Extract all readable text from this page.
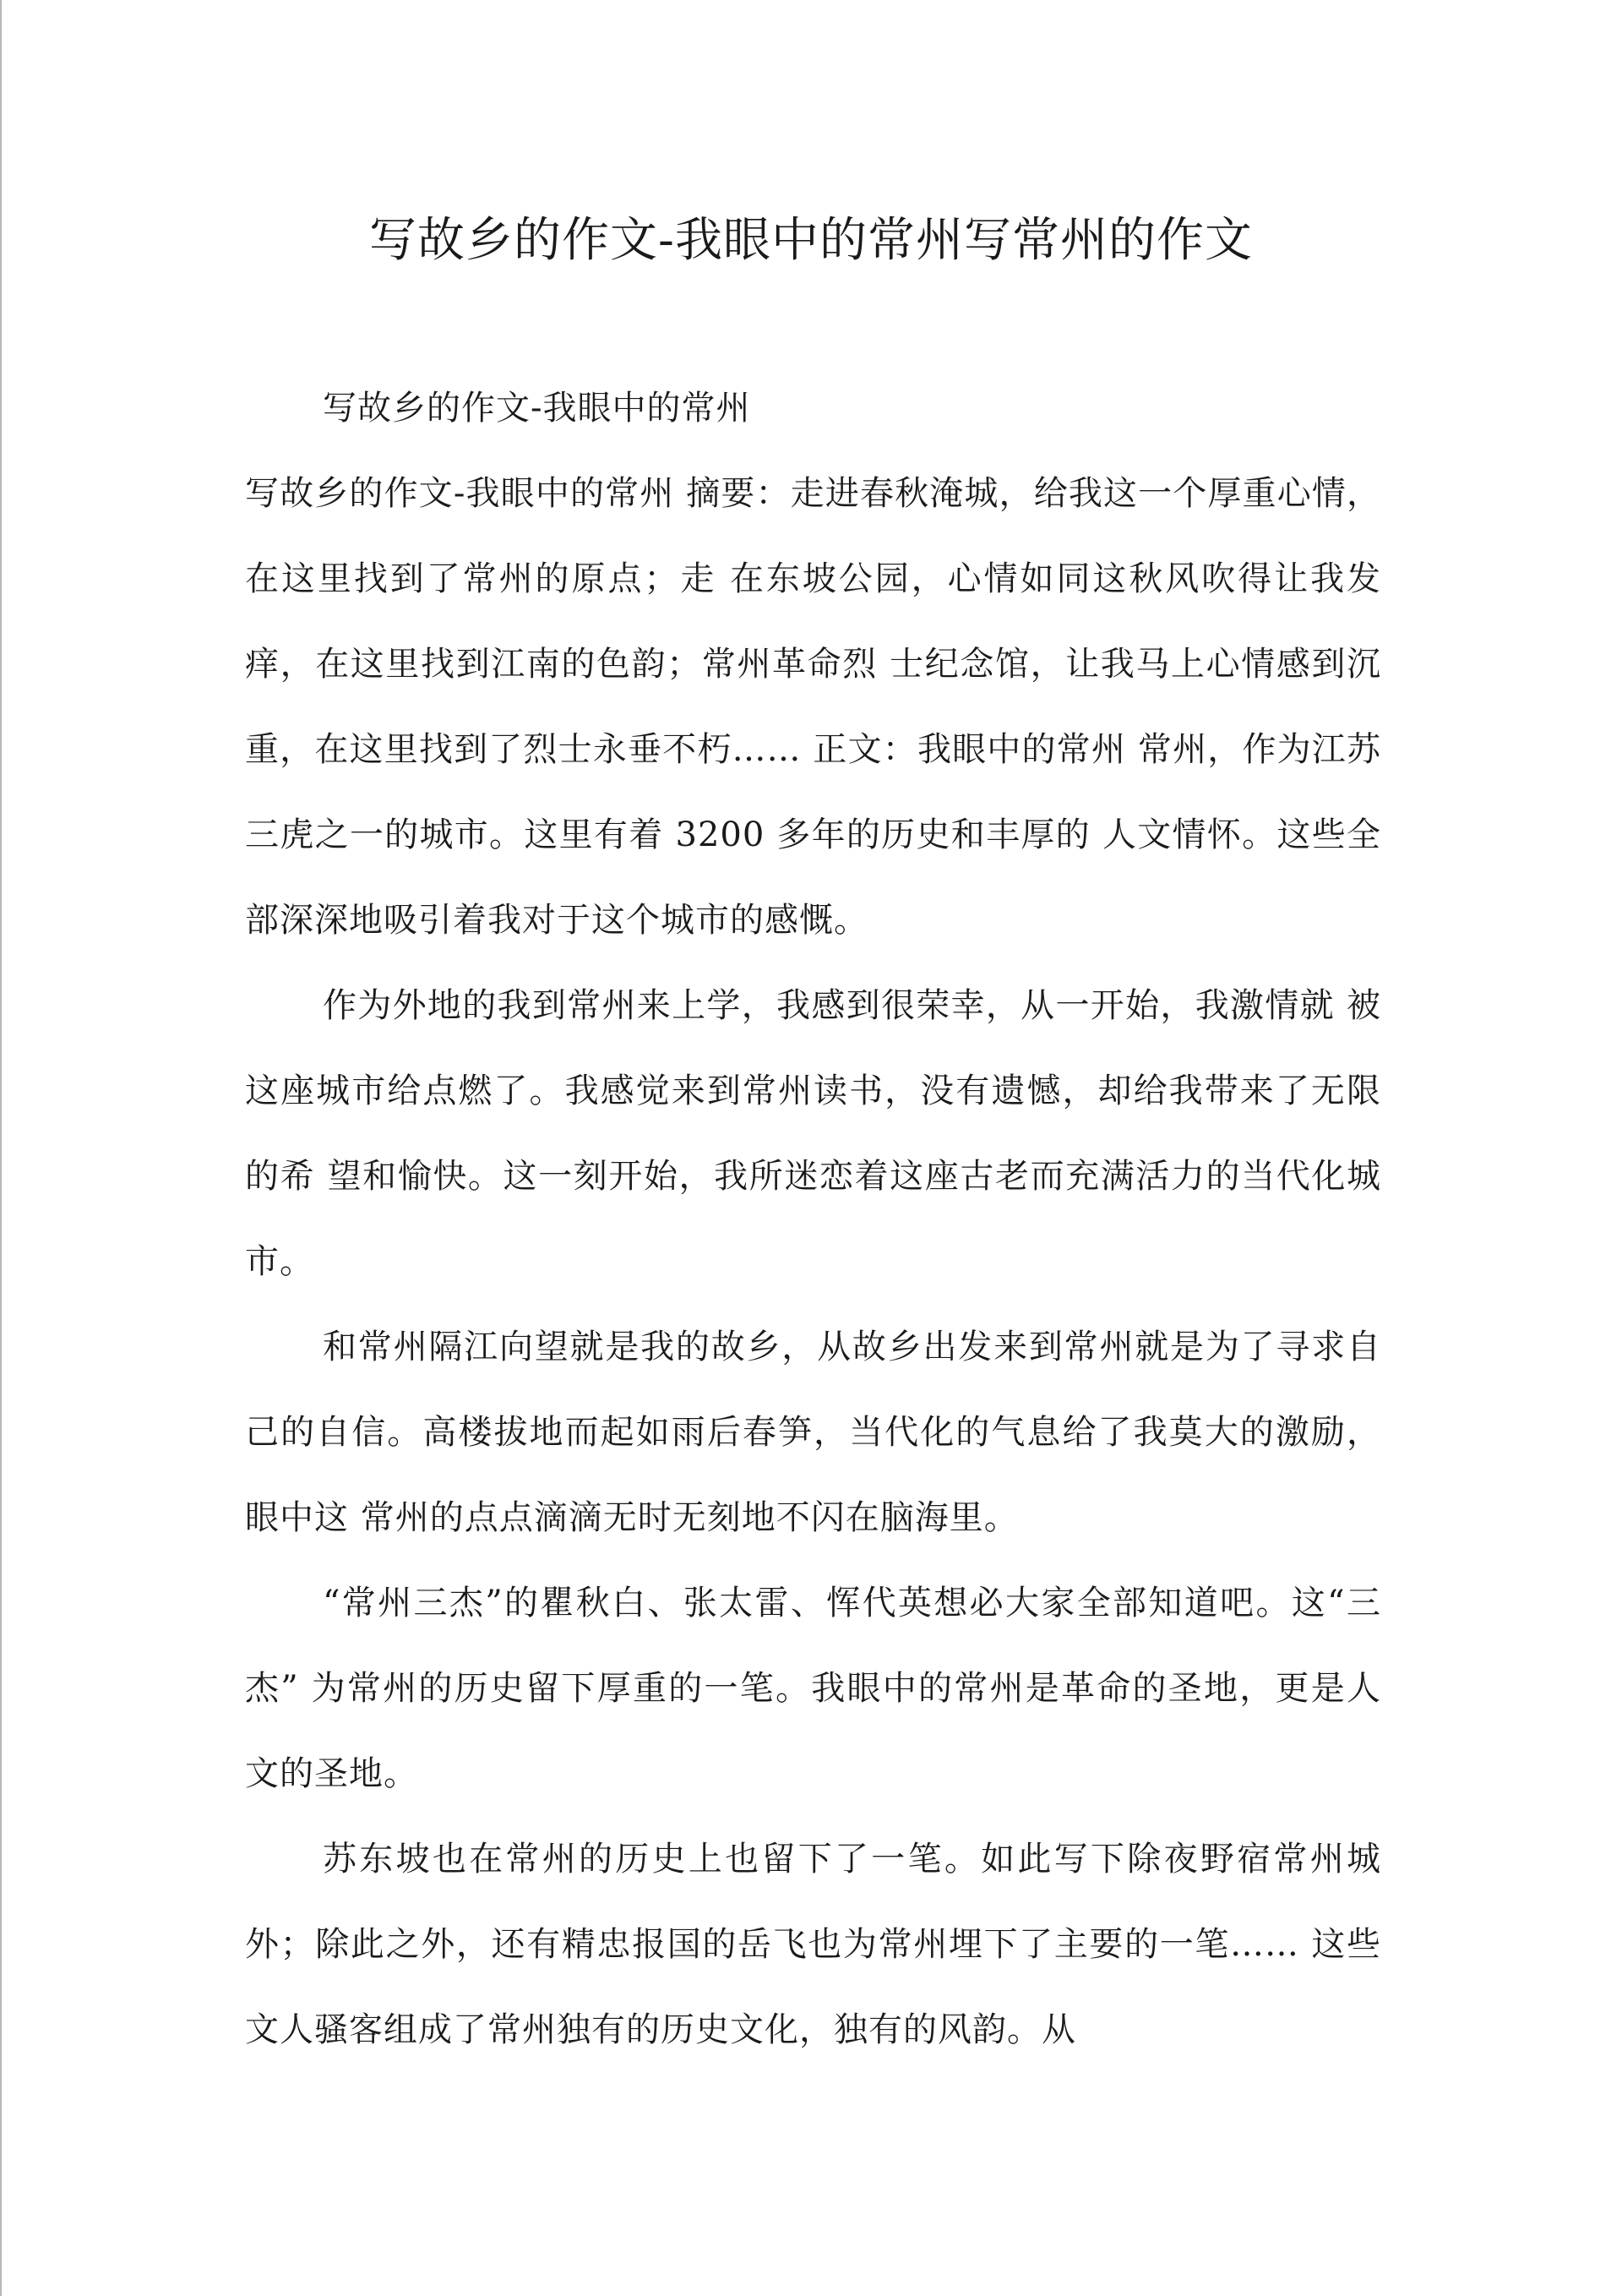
写故乡的作文-我眼中的常州写常州的作文

写故乡的作文-我眼中的常州

写故乡的作文-我眼中的常州 摘要：走进春秋淹城，给我这一个厚重心情，在这里找到了常州的原点；走 在东坡公园，心情如同这秋风吹得让我发痒，在这里找到江南的色韵；常州革命烈 士纪念馆，让我马上心情感到沉重，在这里找到了烈士永垂不朽…… 正文：我眼中的常州 常州，作为江苏三虎之一的城市。这里有着 3200 多年的历史和丰厚的 人文情怀。这些全部深深地吸引着我对于这个城市的感慨。

作为外地的我到常州来上学，我感到很荣幸，从一开始，我激情就 被这座城市给点燃了。我感觉来到常州读书，没有遗憾，却给我带来了无限的希 望和愉快。这一刻开始，我所迷恋着这座古老而充满活力的当代化城市。

和常州隔江向望就是我的故乡，从故乡出发来到常州就是为了寻求自 己的自信。高楼拔地而起如雨后春笋，当代化的气息给了我莫大的激励，眼中这 常州的点点滴滴无时无刻地不闪在脑海里。

“常州三杰”的瞿秋白、张太雷、恽代英想必大家全部知道吧。这“三杰” 为常州的历史留下厚重的一笔。我眼中的常州是革命的圣地，更是人文的圣地。

苏东坡也在常州的历史上也留下了一笔。如此写下除夜野宿常州城 外；除此之外，还有精忠报国的岳飞也为常州埋下了主要的一笔…… 这些文人骚客组成了常州独有的历史文化，独有的风韵。从
